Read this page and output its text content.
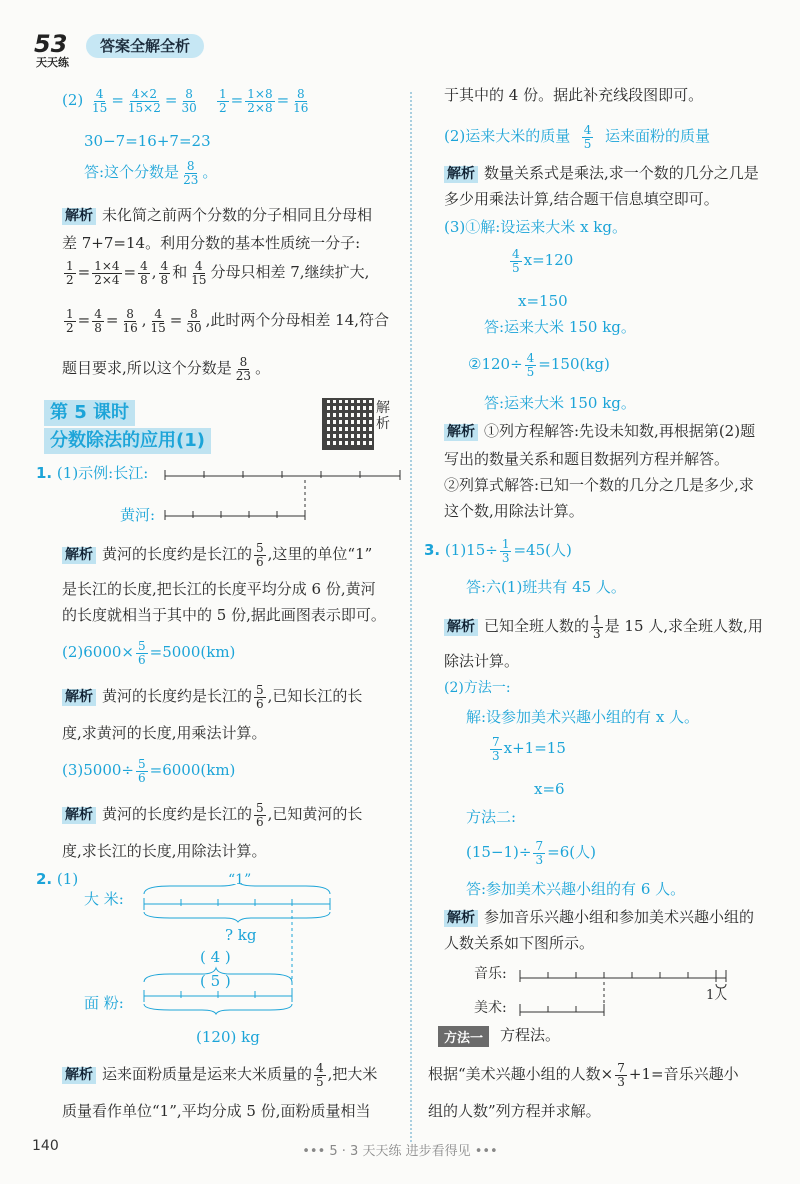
53
天天练
答案全解全析
$(2) \frac{4}{15} = \frac{4\times 2}{15\times 2} = \frac{8}{30}$
$\frac{1}{2} = \frac{1\times 8}{2\times 8} = \frac{8}{16}$
30−7=16+7=23
答:这个分数是 $\frac{8}{23}$ 。
解析 未化简之前两个分数的分子相同且分母相
差 7+7=14。利用分数的基本性质统一分子:
$\frac{1}{2} = \frac{1\times 4}{2\times 4} = \frac{4}{8}$ , $\frac{4}{8}$ 和 $\frac{4}{15}$ 分母只相差 7,继续扩大,
$\frac{1}{2} = \frac{4}{8} = \frac{8}{16}$ , $\frac{4}{15} = \frac{8}{30}$ ,此时两个分母相差 14,符合
题目要求,所以这个分数是 $\frac{8}{23}$ 。
第 5 课时
分数除法的应用(1)
解析
1. (1)示例:长江:
黄河:
解析 黄河的长度约是长江的 $\frac{5}{6}$ ,这里的单位“1”
是长江的长度,把长江的长度平均分成 6 份,黄河
的长度就相当于其中的 5 份,据此画图表示即可。
$(2)6000\times \frac{5}{6} =5000(km)$
解析 黄河的长度约是长江的 $\frac{5}{6}$ ,已知长江的长
度,求黄河的长度,用乘法计算。
$(3)5000\div \frac{5}{6} =6000(km)$
解析 黄河的长度约是长江的 $\frac{5}{6}$ ,已知黄河的长
度,求长江的长度,用除法计算。
2. (1)	“1”
大 米:
? kg
( 4 )
( 5 )
面 粉:
(120) kg
解析 运来面粉质量是运来大米质量的 $\frac{4}{5}$ ,把大米
质量看作单位“1”,平均分成 5 份,面粉质量相当
于其中的 4 份。据此补充线段图即可。
(2)运来大米的质量 $\frac{4}{5}$ 运来面粉的质量
解析 数量关系式是乘法,求一个数的几分之几是
多少用乘法计算,结合题干信息填空即可。
(3)①解:设运来大米 x kg。
$\frac{4}{5} x=120$
x=150
答:运来大米 150 kg。
②120÷ $\frac{4}{5} =150(kg)$
答:运来大米 150 kg。
解析 ①列方程解答:先设未知数,再根据第(2)题
写出的数量关系和题目数据列方程并解答。
②列算式解答:已知一个数的几分之几是多少,求
这个数,用除法计算。
3. $(1)15\div \frac{1}{3} =45$(人)
答:六(1)班共有 45 人。
解析 已知全班人数的 $\frac{1}{3}$ 是 15 人,求全班人数,用
除法计算。
(2)方法一:
解:设参加美术兴趣小组的有 x 人。
$\frac{7}{3} x+1=15$
x=6
方法二:
$(15-1)\div \frac{7}{3} =6$(人)
答:参加美术兴趣小组的有 6 人。
解析 参加音乐兴趣小组和参加美术兴趣小组的
人数关系如下图所示。
音乐:
美术:
1人
方法一	方程法。
根据“美术兴趣小组的人数× $\frac{7}{3} +1=$音乐兴趣小
组的人数”列方程并求解。
140	••• 5 · 3 天天练 进步看得见 •••
